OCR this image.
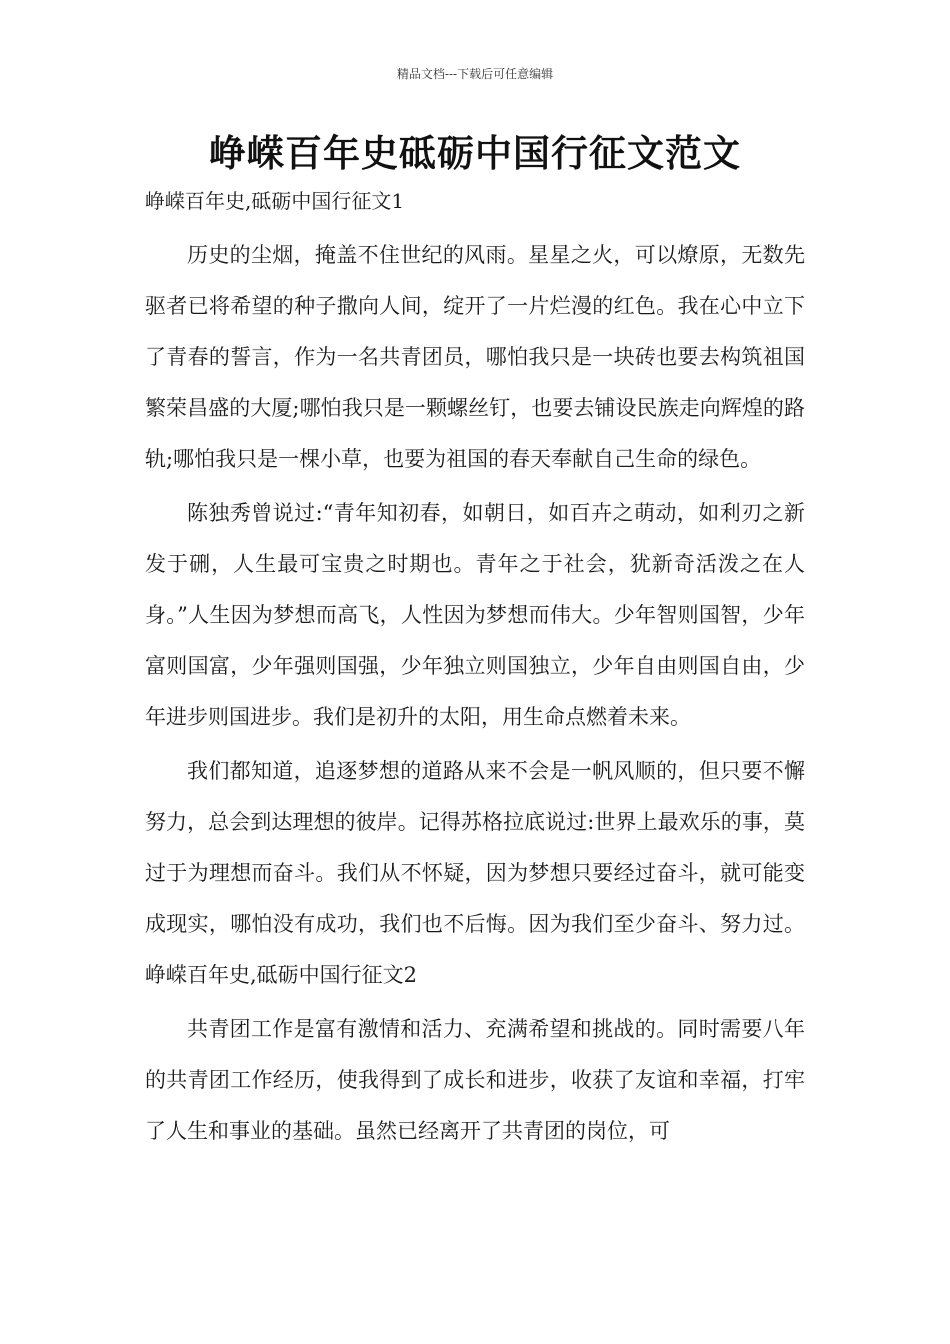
精品文档---下载后可任意编辑
峥嵘百年史砥砺中国行征文范文

峥嵘百年史,砥砺中国行征文1

历史的尘烟，掩盖不住世纪的风雨。星星之火，可以燎原，无数先驱者已将希望的种子撒向人间，绽开了一片烂漫的红色。我在心中立下了青春的誓言，作为一名共青团员，哪怕我只是一块砖也要去构筑祖国繁荣昌盛的大厦;哪怕我只是一颗螺丝钉，也要去铺设民族走向辉煌的路轨;哪怕我只是一棵小草，也要为祖国的春天奉献自己生命的绿色。

陈独秀曾说过:“青年知初春，如朝日，如百卉之萌动，如利刃之新发于硎，人生最可宝贵之时期也。青年之于社会，犹新奇活泼之在人身。”人生因为梦想而高飞，人性因为梦想而伟大。少年智则国智，少年富则国富，少年强则国强，少年独立则国独立，少年自由则国自由，少年进步则国进步。我们是初升的太阳，用生命点燃着未来。

我们都知道，追逐梦想的道路从来不会是一帆风顺的，但只要不懈努力，总会到达理想的彼岸。记得苏格拉底说过:世界上最欢乐的事，莫过于为理想而奋斗。我们从不怀疑，因为梦想只要经过奋斗，就可能变成现实，哪怕没有成功，我们也不后悔。因为我们至少奋斗、努力过。峥嵘百年史,砥砺中国行征文2

共青团工作是富有激情和活力、充满希望和挑战的。同时需要八年的共青团工作经历，使我得到了成长和进步，收获了友谊和幸福，打牢了人生和事业的基础。虽然已经离开了共青团的岗位，可
